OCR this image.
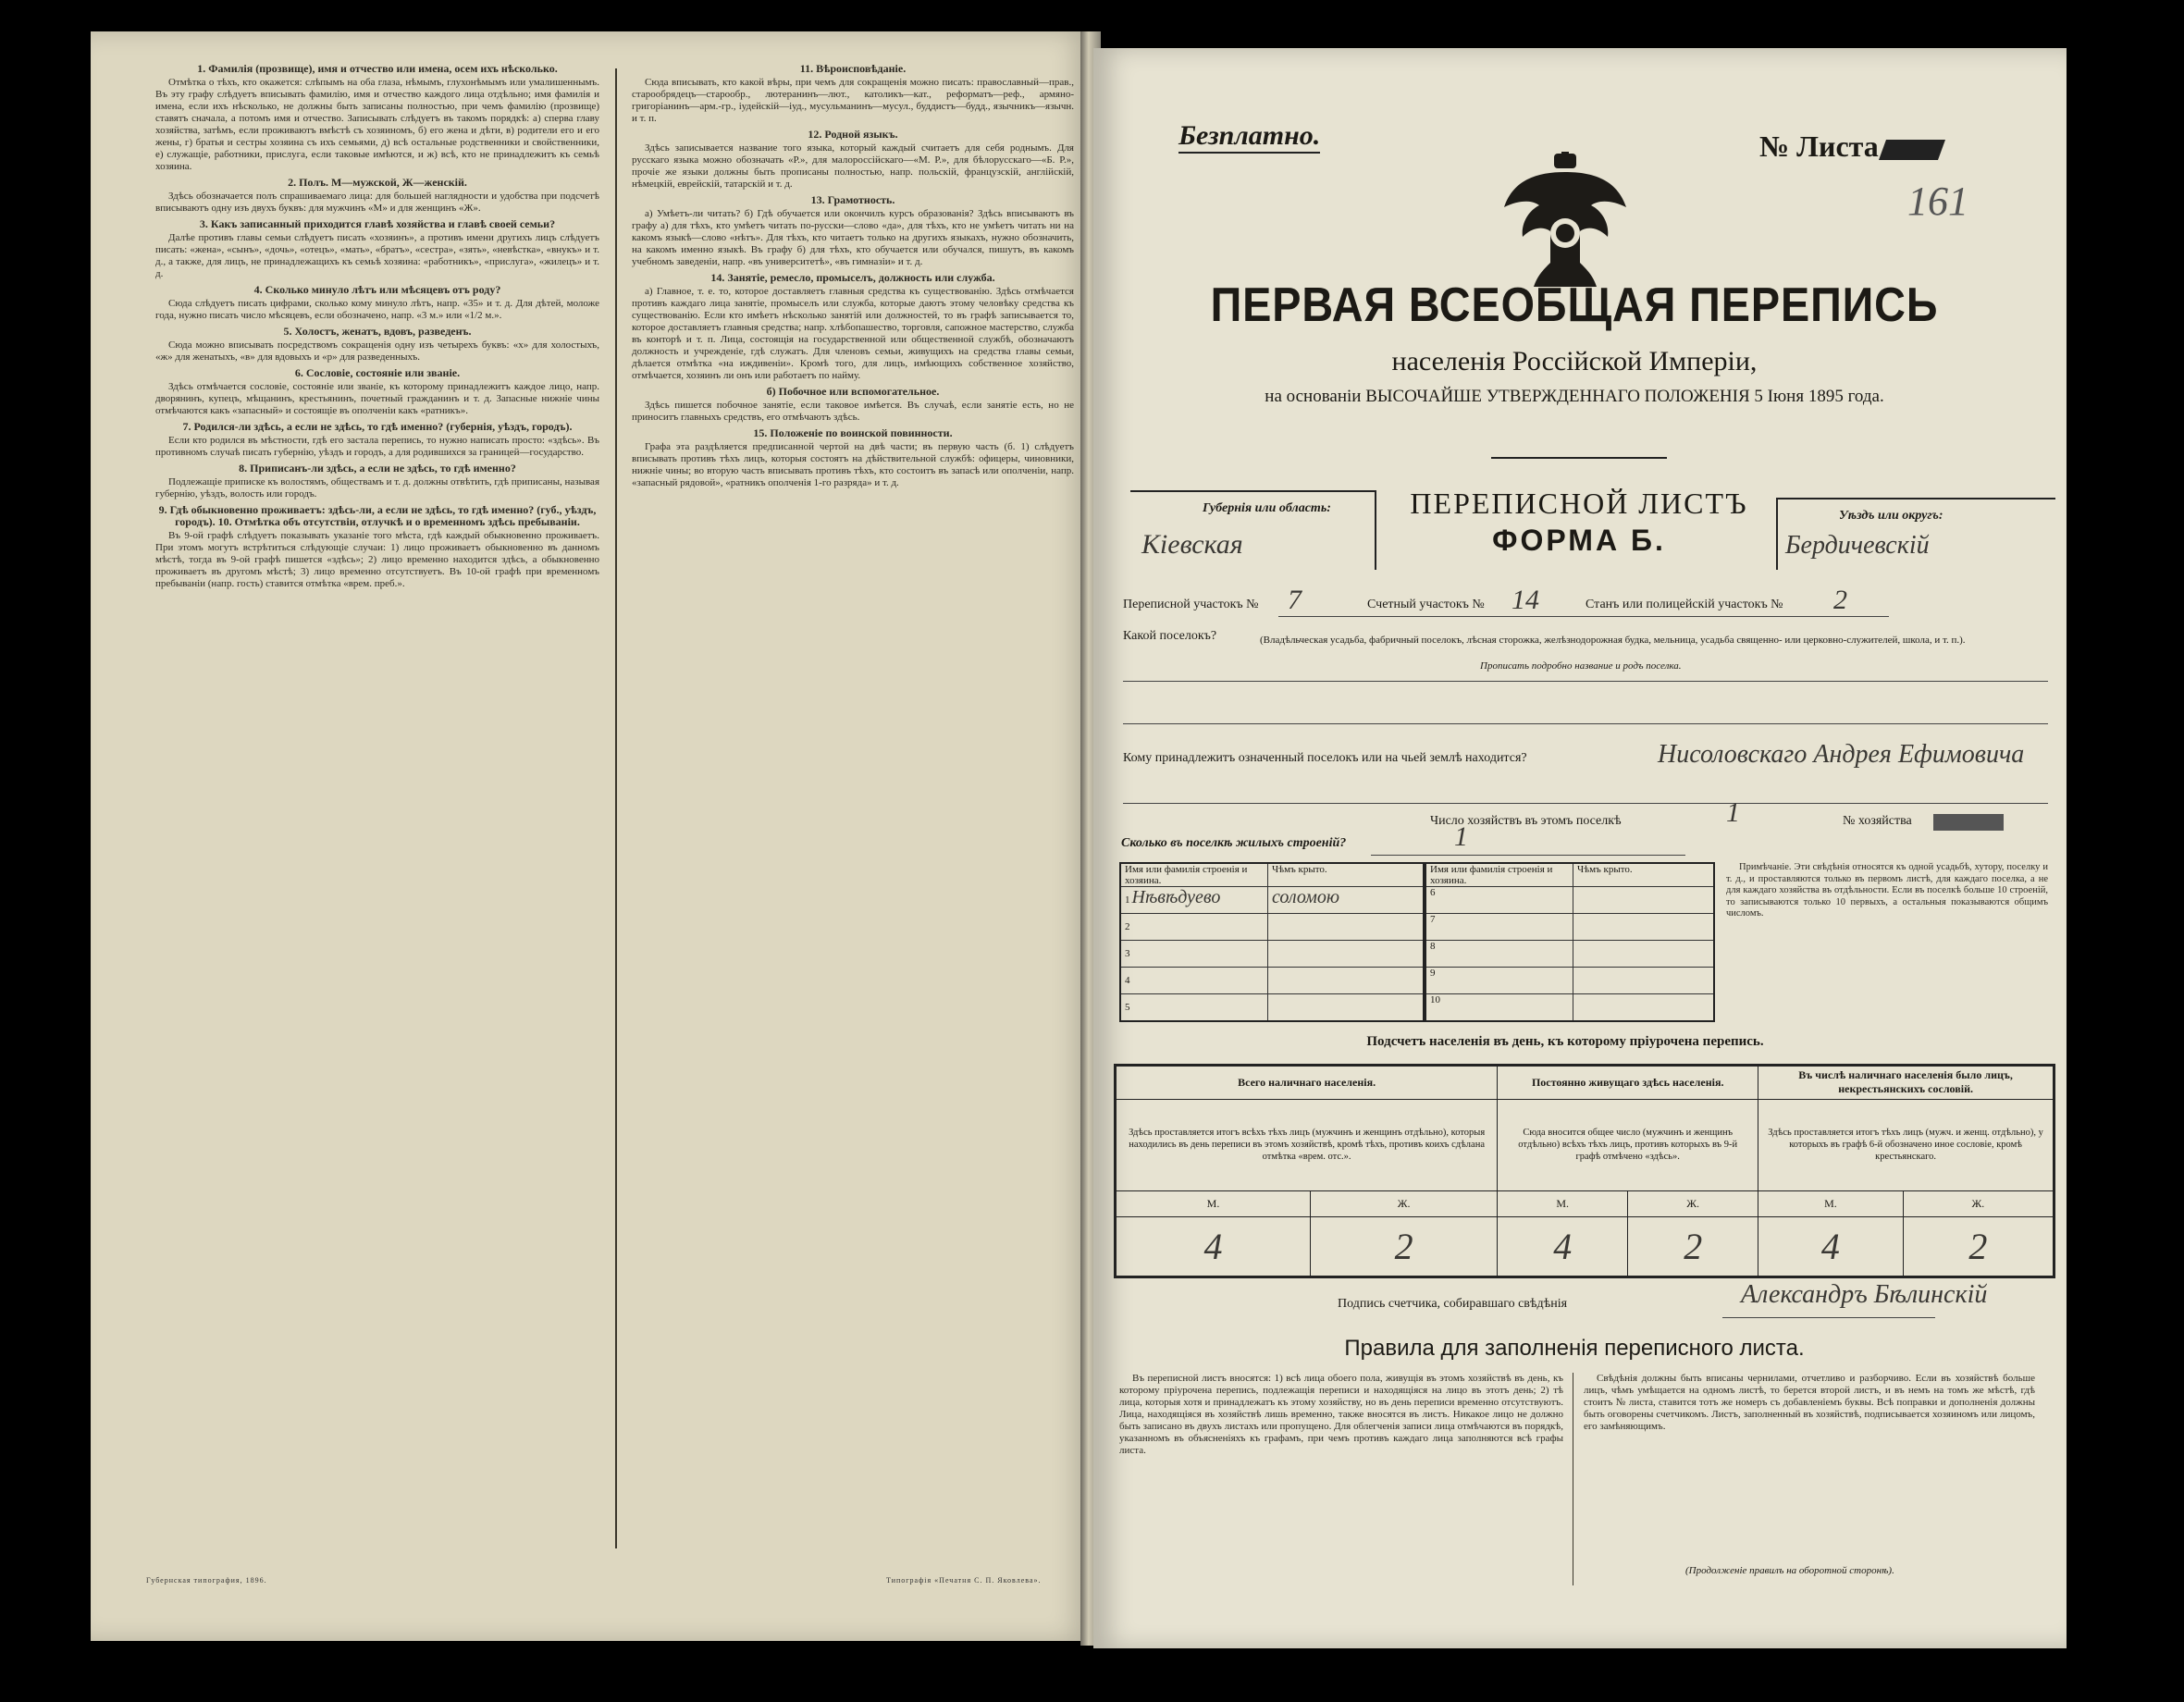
1. Фамилія (прозвище), имя и отчество или имена, осем ихъ нѣсколько.

Отмѣтка о тѣхъ, кто окажется: слѣпымъ на оба глаза, нѣмымъ, глухонѣмымъ или умалишеннымъ. Въ эту графу слѣдуетъ вписывать фамилію, имя и отчество каждого лица отдѣльно; имя фамилія и имена, если ихъ нѣсколько, не должны быть записаны полностью, при чемъ фамилію (прозвище) ставятъ сначала, а потомъ имя и отчество. Записывать слѣдуетъ въ такомъ порядкѣ: а) сперва главу хозяйства, затѣмъ, если проживаютъ вмѣстѣ съ хозяиномъ, б) его жена и дѣти, в) родители его и его жены, г) братья и сестры хозяина съ ихъ семьями, д) всѣ остальные родственники и свойственники, е) служащіе, работники, прислуга, если таковые имѣются, и ж) всѣ, кто не принадлежитъ къ семьѣ хозяина.

2. Полъ. М—мужской, Ж—женскій.

Здѣсь обозначается полъ спрашиваемаго лица: для большей наглядности и удобства при подсчетѣ вписываютъ одну изъ двухъ буквъ: для мужчинъ «М» и для женщинъ «Ж».

3. Какъ записанный приходится главѣ хозяйства и главѣ своей семьи?

Далѣе противъ главы семьи слѣдуетъ писать «хозяинъ», а противъ имени другихъ лицъ слѣдуетъ писать: «жена», «сынъ», «дочь», «отецъ», «мать», «братъ», «сестра», «зять», «невѣстка», «внукъ» и т. д., а также, для лицъ, не принадлежащихъ къ семьѣ хозяина: «работникъ», «прислуга», «жилецъ» и т. д.

4. Сколько минуло лѣтъ или мѣсяцевъ отъ роду?

Сюда слѣдуетъ писать цифрами, сколько кому минуло лѣтъ, напр. «35» и т. д. Для дѣтей, моложе года, нужно писать число мѣсяцевъ, если обозначено, напр. «3 м.» или «1/2 м.».

5. Холостъ, женатъ, вдовъ, разведенъ.

Сюда можно вписывать посредствомъ сокращенія одну изъ четырехъ буквъ: «х» для холостыхъ, «ж» для женатыхъ, «в» для вдовыхъ и «р» для разведенныхъ.

6. Сословіе, состояніе или званіе.

Здѣсь отмѣчается сословіе, состояніе или званіе, къ которому принадлежитъ каждое лицо, напр. дворянинъ, купецъ, мѣщанинъ, крестьянинъ, почетный гражданинъ и т. д. Запасные нижніе чины отмѣчаются какъ «запасный» и состоящіе въ ополченіи какъ «ратникъ».

7. Родился-ли здѣсь, а если не здѣсь, то гдѣ именно? (губернія, уѣздъ, городъ).

Если кто родился въ мѣстности, гдѣ его застала перепись, то нужно написать просто: «здѣсь». Въ противномъ случаѣ писать губернію, уѣздъ и городъ, а для родившихся за границей—государство.

8. Приписанъ-ли здѣсь, а если не здѣсь, то гдѣ именно?

Подлежащіе приписке къ волостямъ, обществамъ и т. д. должны отвѣтить, гдѣ приписаны, называя губернію, уѣздъ, волость или городъ.

9. Гдѣ обыкновенно проживаетъ: здѣсь-ли, а если не здѣсь, то гдѣ именно? (губ., уѣздъ, городъ). 10. Отмѣтка объ отсутствіи, отлучкѣ и о временномъ здѣсь пребываніи.

Въ 9-ой графѣ слѣдуетъ показывать указаніе того мѣста, гдѣ каждый обыкновенно проживаетъ. При этомъ могутъ встрѣтиться слѣдующіе случаи: 1) лицо проживаетъ обыкновенно въ данномъ мѣстѣ, тогда въ 9-ой графѣ пишется «здѣсь»; 2) лицо временно находится здѣсь, а обыкновенно проживаетъ въ другомъ мѣстѣ; 3) лицо временно отсутствуетъ. Въ 10-ой графѣ при временномъ пребываніи (напр. гость) ставится отмѣтка «врем. преб.».

11. Вѣроисповѣданіе.

Сюда вписывать, кто какой вѣры, при чемъ для сокращенія можно писать: православный—прав., старообрядецъ—старообр., лютеранинъ—лют., католикъ—кат., реформатъ—реф., армяно-григоріанинъ—арм.-гр., іудейскій—іуд., мусульманинъ—мусул., буддистъ—будд., язычникъ—язычн. и т. п.

12. Родной языкъ.

Здѣсь записывается название того языка, который каждый считаетъ для себя роднымъ. Для русскаго языка можно обозначать «Р.», для малороссійскаго—«М. Р.», для бѣлорусскаго—«Б. Р.», прочіе же языки должны быть прописаны полностью, напр. польскій, французскій, англійскій, нѣмецкій, еврейскій, татарскій и т. д.

13. Грамотность.

а) Умѣетъ-ли читать? б) Гдѣ обучается или окончилъ курсъ образованія? Здѣсь вписываютъ въ графу а) для тѣхъ, кто умѣетъ читать по-русски—слово «да», для тѣхъ, кто не умѣетъ читать ни на какомъ языкѣ—слово «нѣтъ». Для тѣхъ, кто читаетъ только на другихъ языкахъ, нужно обозначить, на какомъ именно языкѣ. Въ графу б) для тѣхъ, кто обучается или обучался, пишутъ, въ какомъ учебномъ заведеніи, напр. «въ университетѣ», «въ гимназіи» и т. д.

14. Занятіе, ремесло, промыселъ, должность или служба.

а) Главное, т. е. то, которое доставляетъ главныя средства къ существованію. Здѣсь отмѣчается противъ каждаго лица занятіе, промыселъ или служба, которые даютъ этому человѣку средства къ существованію. Если кто имѣетъ нѣсколько занятій или должностей, то въ графѣ записывается то, которое доставляетъ главныя средства; напр. хлѣбопашество, торговля, сапожное мастерство, служба въ конторѣ и т. п. Лица, состоящія на государственной или общественной службѣ, обозначаютъ должность и учрежденіе, гдѣ служатъ. Для членовъ семьи, живущихъ на средства главы семьи, дѣлается отмѣтка «на иждивеніи». Кромѣ того, для лицъ, имѣющихъ собственное хозяйство, отмѣчается, хозяинъ ли онъ или работаетъ по найму.

б) Побочное или вспомогательное.

Здѣсь пишется побочное занятіе, если таковое имѣется. Въ случаѣ, если занятіе есть, но не приноситъ главныхъ средствъ, его отмѣчаютъ здѣсь.

15. Положеніе по воинской повинности.

Графа эта раздѣляется предписанной чертой на двѣ части; въ первую часть (б. 1) слѣдуетъ вписывать противъ тѣхъ лицъ, которыя состоятъ на дѣйствительной службѣ: офицеры, чиновники, нижніе чины; во вторую часть вписывать противъ тѣхъ, кто состоитъ въ запасѣ или ополченіи, напр. «запасный рядовой», «ратникъ ополченія 1-го разряда» и т. д.

Губернская типография, 1896.	Типографія «Печатня С. П. Яковлева».
Безплатно.	№ Листа
161
ПЕРВАЯ ВСЕОБЩАЯ ПЕРЕПИСЬ
населенія Россійской Имперіи,
на основаніи ВЫСОЧАЙШЕ УТВЕРЖДЕННАГО ПОЛОЖЕНІЯ 5 Іюня 1895 года.
Губернія или область:
Кіевская
ПЕРЕПИСНОЙ ЛИСТЪ
ФОРМА Б.
Уѣздъ или округъ:
Бердичевскій
Переписной участокъ № 7	Счетный участокъ № 14	Станъ или полицейскій участокъ № 2
Какой поселокъ?	(Владѣльческая усадьба, фабричный поселокъ, лѣсная сторожка, желѣзнодорожная будка, мельница, усадьба священно- или церковно-служителей, школа, и т. п.).
Прописать подробно название и родъ поселка.
Кому принадлежитъ означенный поселокъ или на чьей землѣ находится?	Нисоловскаго Андрея Ефимовича
Число хозяйствъ въ этомъ поселкѣ	1	№ хозяйства
Сколько въ поселкѣ жилыхъ строеній?	1
Имя или фамилія строенія и хозяина.	Чѣмъ крыто.
1 Нѣвѣдуево	соломою
2	
3	
4	
5	
Имя или фамилія строенія и хозяина.	Чѣмъ крыто.
6	
7	
8	
9	
10	

Примѣчаніе. Эти свѣдѣнія относятся къ одной усадьбѣ, хутору, поселку и т. д., и проставляются только въ первомъ листѣ, для каждаго поселка, а не для каждаго хозяйства въ отдѣльности. Если въ поселкѣ больше 10 строеній, то записываются только 10 первыхъ, а остальныя показываются общимъ числомъ.

Подсчетъ населенія въ день, къ которому пріурочена перепись.
Всего наличнаго населенія.		Постоянно живущаго здѣсь населенія.		Въ числѣ наличнаго населенія было лицъ, некрестьянскихъ сословій.	
Здѣсь проставляется итогъ всѣхъ тѣхъ лицъ (мужчинъ и женщинъ отдѣльно), которыя находились въ день переписи въ этомъ хозяйствѣ, кромѣ тѣхъ, противъ коихъ сдѣлана отмѣтка «врем. отс.».		Сюда вносится общее число (мужчинъ и женщинъ отдѣльно) всѣхъ тѣхъ лицъ, противъ которыхъ въ 9-й графѣ отмѣчено «здѣсь».		Здѣсь проставляется итогъ тѣхъ лицъ (мужч. и женщ. отдѣльно), у которыхъ въ графѣ 6-й обозначено иное сословіе, кромѣ крестьянскаго.	
М.	Ж.	М.	Ж.	М.	Ж.
4	2	4	2	4	2
Подпись счетчика, собиравшаго свѣдѣнія	Александръ Бѣлинскій
Правила для заполненія переписного листа.

Въ переписной листъ вносятся: 1) всѣ лица обоего пола, живущія въ этомъ хозяйствѣ въ день, къ которому пріурочена перепись, подлежащія переписи и находящіяся на лицо въ этотъ день; 2) тѣ лица, которыя хотя и принадлежатъ къ этому хозяйству, но въ день переписи временно отсутствуютъ. Лица, находящіяся въ хозяйствѣ лишь временно, также вносятся въ листъ. Никакое лицо не должно быть записано въ двухъ листахъ или пропущено. Для облегченія записи лица отмѣчаются въ порядкѣ, указанномъ въ объясненіяхъ къ графамъ, при чемъ противъ каждаго лица заполняются всѣ графы листа.

Свѣдѣнія должны быть вписаны чернилами, отчетливо и разборчиво. Если въ хозяйствѣ больше лицъ, чѣмъ умѣщается на одномъ листѣ, то берется второй листъ, и въ немъ на томъ же мѣстѣ, гдѣ стоитъ № листа, ставится тотъ же номеръ съ добавленіемъ буквы. Всѣ поправки и дополненія должны быть оговорены счетчикомъ. Листъ, заполненный въ хозяйствѣ, подписывается хозяиномъ или лицомъ, его замѣняющимъ.

(Продолженіе правилъ на оборотной сторонѣ).
